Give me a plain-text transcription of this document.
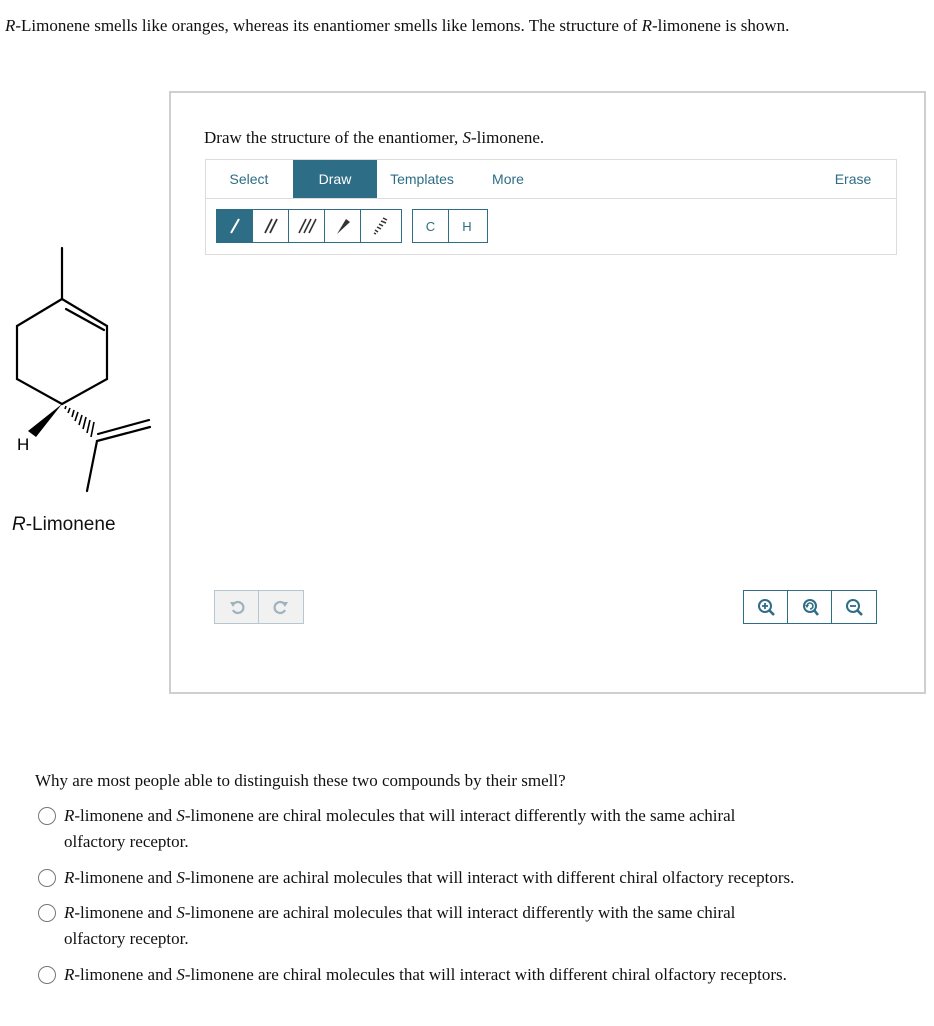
R-Limonene smells like oranges, whereas its enantiomer smells like lemons. The structure of R-limonene is shown.
H
R-Limonene
Draw the structure of the enantiomer, S-limonene.
Select	Draw	Templates	More	Erase
C	H
Why are most people able to distinguish these two compounds by their smell?
R-limonene and S-limonene are chiral molecules that will interact differently with the same achiral olfactory receptor.
R-limonene and S-limonene are achiral molecules that will interact with different chiral olfactory receptors.
R-limonene and S-limonene are achiral molecules that will interact differently with the same chiral olfactory receptor.
R-limonene and S-limonene are chiral molecules that will interact with different chiral olfactory receptors.
